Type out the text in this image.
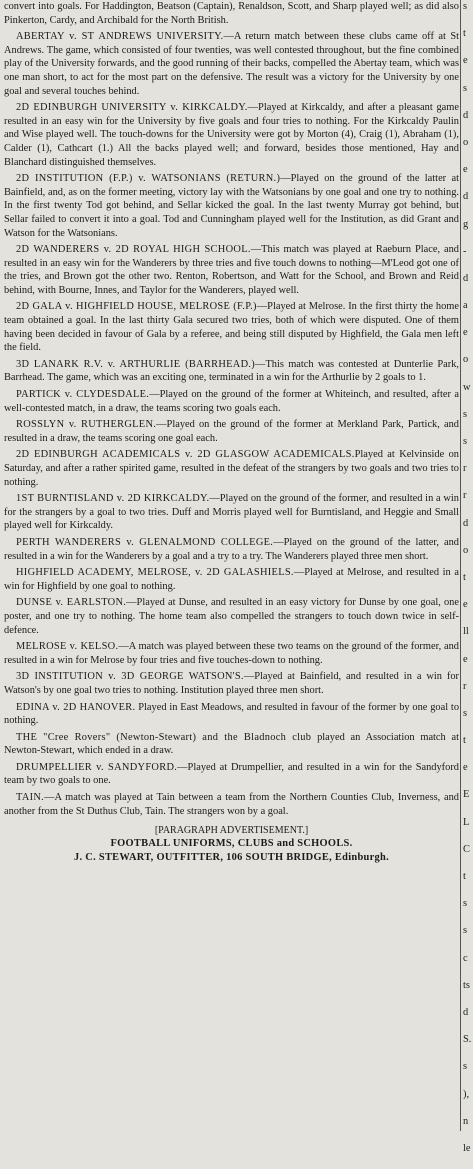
convert into goals. For Haddington, Beatson (Captain), Renaldson, Scott, and Sharp played well; as did also Pinkerton, Cardy, and Archibald for the North British.

ABERTAY v. ST ANDREWS UNIVERSITY.—A return match between these clubs came off at St Andrews. The game, which consisted of four twenties, was well contested throughout, but the fine combined play of the University forwards, and the good running of their backs, compelled the Abertay team, which was one man short, to act for the most part on the defensive. The result was a victory for the University by one goal and several touches behind.

2D EDINBURGH UNIVERSITY v. KIRKCALDY.—Played at Kirkcaldy, and after a pleasant game resulted in an easy win for the University by five goals and four tries to nothing. For the Kirkcaldy Paulin and Wise played well. The touch-downs for the University were got by Morton (4), Craig (1), Abraham (1), Calder (1), Cathcart (1.) All the backs played well; and forward, besides those mentioned, Hay and Blanchard distinguished themselves.

2D INSTITUTION (F.P.) v. WATSONIANS (RETURN.)—Played on the ground of the latter at Bainfield, and, as on the former meeting, victory lay with the Watsonians by one goal and one try to nothing. In the first twenty Tod got behind, and Sellar kicked the goal. In the last twenty Murray got behind, but Sellar failed to convert it into a goal. Tod and Cunningham played well for the Institution, as did Grant and Watson for the Watsonians.

2D WANDERERS v. 2D ROYAL HIGH SCHOOL.—This match was played at Raeburn Place, and resulted in an easy win for the Wanderers by three tries and five touch downs to nothing—M'Leod got one of the tries, and Brown got the other two. Renton, Robertson, and Watt for the School, and Brown and Reid behind, with Bourne, Innes, and Taylor for the Wanderers, played well.

2D GALA v. HIGHFIELD HOUSE, MELROSE (F.P.)—Played at Melrose. In the first thirty the home team obtained a goal. In the last thirty Gala secured two tries, both of which were disputed. One of them having been decided in favour of Gala by a referee, and being still disputed by Highfield, the Gala men left the field.

3D LANARK R.V. v. ARTHURLIE (BARRHEAD.)—This match was contested at Dunterlie Park, Barrhead. The game, which was an exciting one, terminated in a win for the Arthurlie by 2 goals to 1.

PARTICK v. CLYDESDALE.—Played on the ground of the former at Whiteinch, and resulted, after a well-contested match, in a draw, the teams scoring two goals each.

ROSSLYN v. RUTHERGLEN.—Played on the ground of the former at Merkland Park, Partick, and resulted in a draw, the teams scoring one goal each.

2D EDINBURGH ACADEMICALS v. 2D GLASGOW ACADEMICALS.Played at Kelvinside on Saturday, and after a rather spirited game, resulted in the defeat of the strangers by two goals and two tries to nothing.

1ST BURNTISLAND v. 2D KIRKCALDY.—Played on the ground of the former, and resulted in a win for the strangers by a goal to two tries. Duff and Morris played well for Burntisland, and Heggie and Small played well for Kirkcaldy.

PERTH WANDERERS v. GLENALMOND COLLEGE.—Played on the ground of the latter, and resulted in a win for the Wanderers by a goal and a try to a try. The Wanderers played three men short.

HIGHFIELD ACADEMY, MELROSE, v. 2D GALASHIELS.—Played at Melrose, and resulted in a win for Highfield by one goal to nothing.

DUNSE v. EARLSTON.—Played at Dunse, and resulted in an easy victory for Dunse by one goal, one poster, and one try to nothing. The home team also compelled the strangers to touch down twice in self-defence.

MELROSE v. KELSO.—A match was played between these two teams on the ground of the former, and resulted in a win for Melrose by four tries and five touches-down to nothing.

3D INSTITUTION v. 3D GEORGE WATSON'S.—Played at Bainfield, and resulted in a win for Watson's by one goal two tries to nothing. Institution played three men short.

EDINA v. 2D HANOVER. Played in East Meadows, and resulted in favour of the former by one goal to nothing.

THE "Cree Rovers" (Newton-Stewart) and the Bladnoch club played an Association match at Newton-Stewart, which ended in a draw.

DRUMPELLIER v. SANDYFORD.—Played at Drumpellier, and resulted in a win for the Sandyford team by two goals to one.

TAIN.—A match was played at Tain between a team from the Northern Counties Club, Inverness, and another from the St Duthus Club, Tain. The strangers won by a goal.

[PARAGRAPH ADVERTISEMENT.]

FOOTBALL UNIFORMS, CLUBS and SCHOOLS.

J. C. STEWART, OUTFITTER, 106 SOUTH BRIDGE, Edinburgh.

s
t
e
s
d
o
e
d
g
-
d
a
e
o
w
s
s
r
r
d
o
t
e
ll
e
r
s
t
e
E
L
C
t
s
s
c
ts
d
S.
s
),
n
le
